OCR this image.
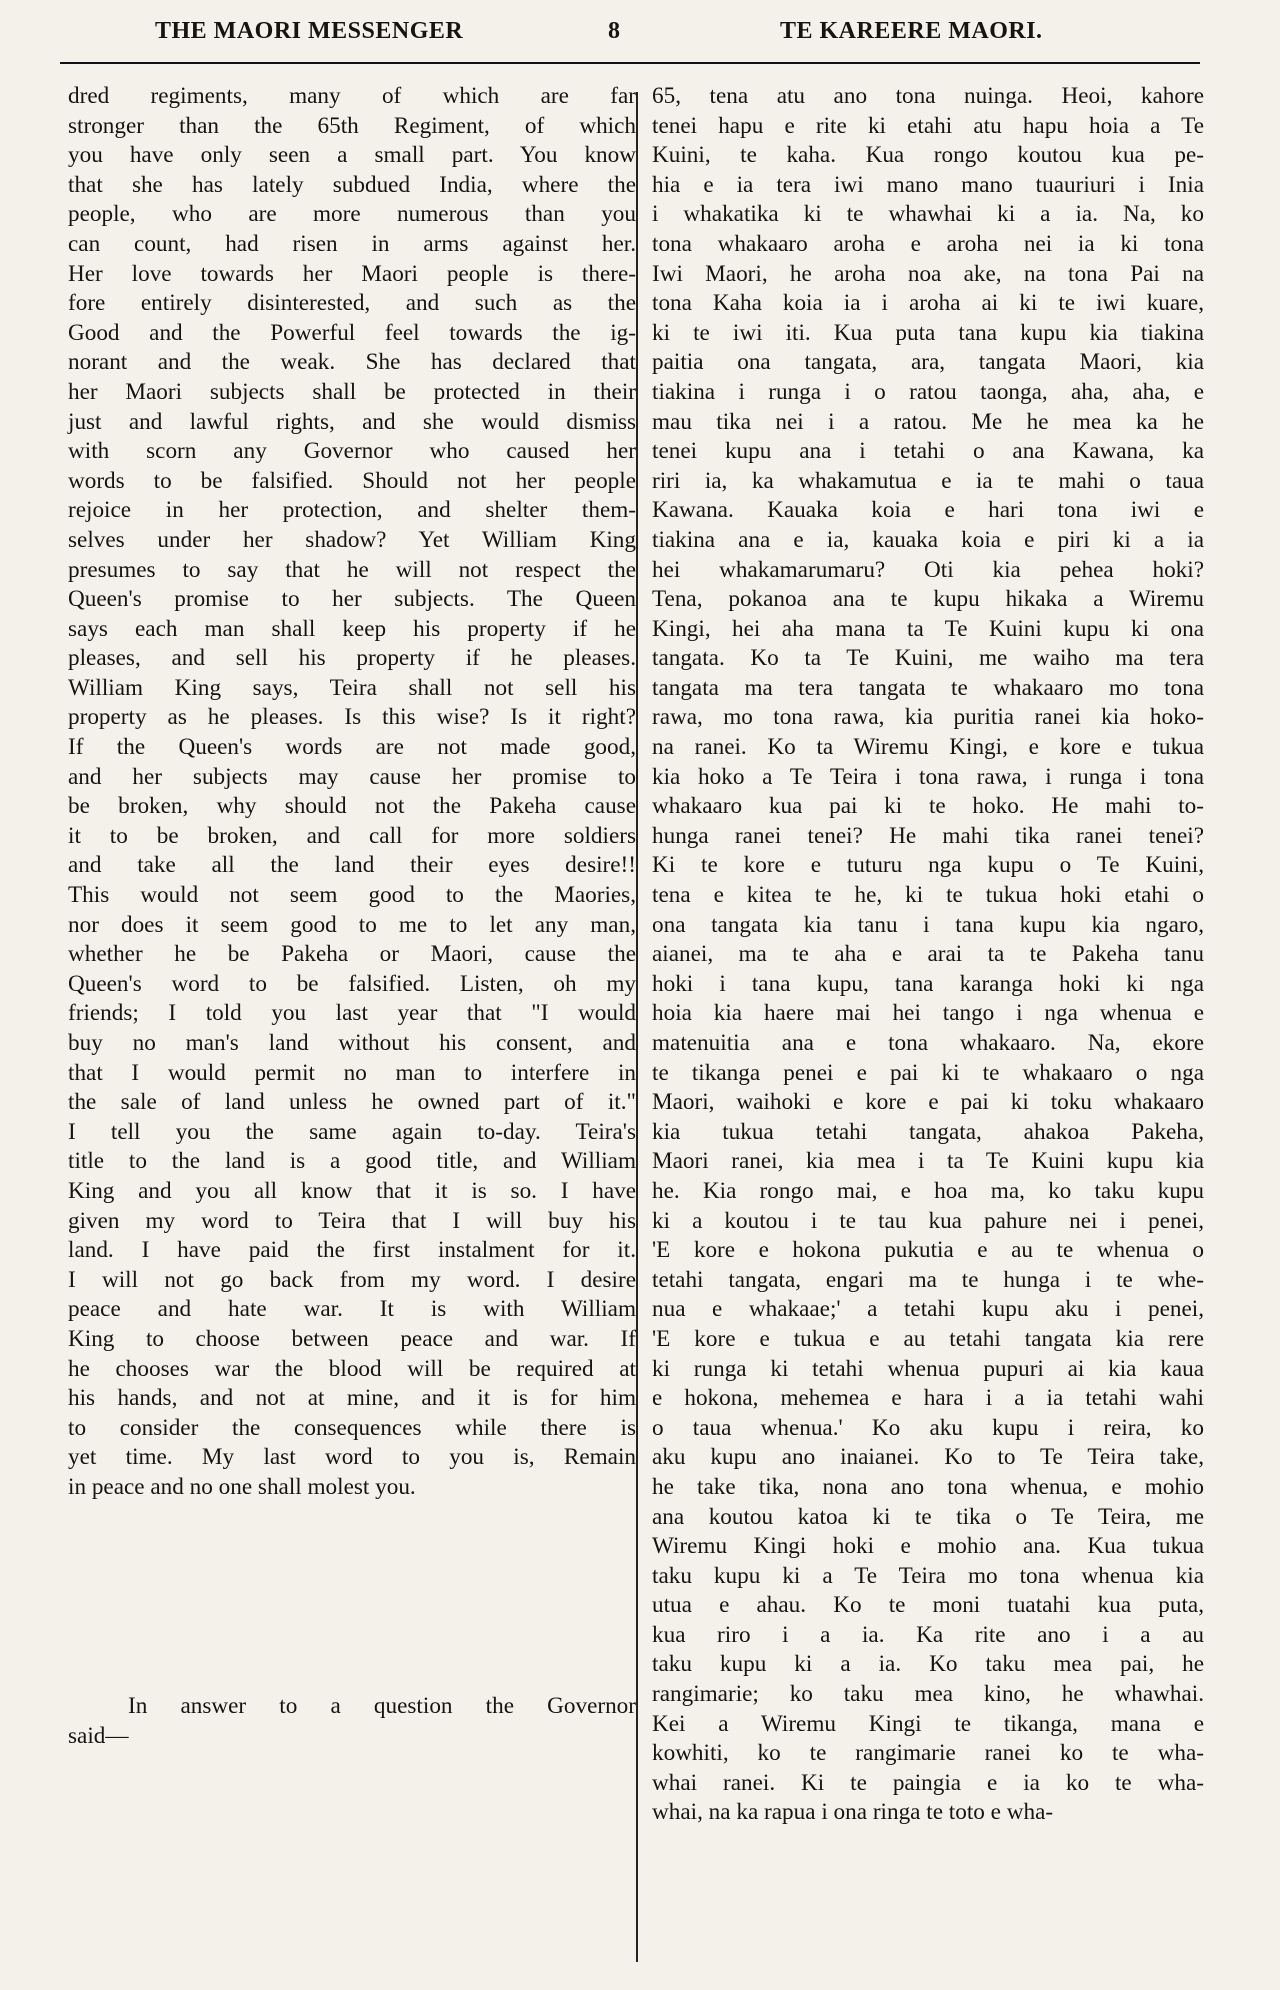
THE MAORI MESSENGER	8	TE KAREERE MAORI.
dred regiments, many of which are far
stronger than the 65th Regiment, of which
you have only seen a small part. You know
that she has lately subdued India, where the
people, who are more numerous than you
can count, had risen in arms against her.
Her love towards her Maori people is there-
fore entirely disinterested, and such as the
Good and the Powerful feel towards the ig-
norant and the weak. She has declared that
her Maori subjects shall be protected in their
just and lawful rights, and she would dismiss
with scorn any Governor who caused her
words to be falsified. Should not her people
rejoice in her protection, and shelter them-
selves under her shadow? Yet William King
presumes to say that he will not respect the
Queen's promise to her subjects. The Queen
says each man shall keep his property if he
pleases, and sell his property if he pleases.
William King says, Teira shall not sell his
property as he pleases. Is this wise? Is it right?
If the Queen's words are not made good,
and her subjects may cause her promise to
be broken, why should not the Pakeha cause
it to be broken, and call for more soldiers
and take all the land their eyes desire!!
This would not seem good to the Maories,
nor does it seem good to me to let any man,
whether he be Pakeha or Maori, cause the
Queen's word to be falsified. Listen, oh my
friends; I told you last year that "I would
buy no man's land without his consent, and
that I would permit no man to interfere in
the sale of land unless he owned part of it."
I tell you the same again to-day. Teira's
title to the land is a good title, and William
King and you all know that it is so. I have
given my word to Teira that I will buy his
land. I have paid the first instalment for it.
I will not go back from my word. I desire
peace and hate war. It is with William
King to choose between peace and war. If
he chooses war the blood will be required at
his hands, and not at mine, and it is for him
to consider the consequences while there is
yet time. My last word to you is, Remain
in peace and no one shall molest you.
In answer to a question the Governor
said—
65, tena atu ano tona nuinga. Heoi, kahore
tenei hapu e rite ki etahi atu hapu hoia a Te
Kuini, te kaha. Kua rongo koutou kua pe-
hia e ia tera iwi mano mano tuauriuri i Inia
i whakatika ki te whawhai ki a ia. Na, ko
tona whakaaro aroha e aroha nei ia ki tona
Iwi Maori, he aroha noa ake, na tona Pai na
tona Kaha koia ia i aroha ai ki te iwi kuare,
ki te iwi iti. Kua puta tana kupu kia tiakina
paitia ona tangata, ara, tangata Maori, kia
tiakina i runga i o ratou taonga, aha, aha, e
mau tika nei i a ratou. Me he mea ka he
tenei kupu ana i tetahi o ana Kawana, ka
riri ia, ka whakamutua e ia te mahi o taua
Kawana. Kauaka koia e hari tona iwi e
tiakina ana e ia, kauaka koia e piri ki a ia
hei whakamarumaru? Oti kia pehea hoki?
Tena, pokanoa ana te kupu hikaka a Wiremu
Kingi, hei aha mana ta Te Kuini kupu ki ona
tangata. Ko ta Te Kuini, me waiho ma tera
tangata ma tera tangata te whakaaro mo tona
rawa, mo tona rawa, kia puritia ranei kia hoko-
na ranei. Ko ta Wiremu Kingi, e kore e tukua
kia hoko a Te Teira i tona rawa, i runga i tona
whakaaro kua pai ki te hoko. He mahi to-
hunga ranei tenei? He mahi tika ranei tenei?
Ki te kore e tuturu nga kupu o Te Kuini,
tena e kitea te he, ki te tukua hoki etahi o
ona tangata kia tanu i tana kupu kia ngaro,
aianei, ma te aha e arai ta te Pakeha tanu
hoki i tana kupu, tana karanga hoki ki nga
hoia kia haere mai hei tango i nga whenua e
matenuitia ana e tona whakaaro. Na, ekore
te tikanga penei e pai ki te whakaaro o nga
Maori, waihoki e kore e pai ki toku whakaaro
kia tukua tetahi tangata, ahakoa Pakeha,
Maori ranei, kia mea i ta Te Kuini kupu kia
he. Kia rongo mai, e hoa ma, ko taku kupu
ki a koutou i te tau kua pahure nei i penei,
'E kore e hokona pukutia e au te whenua o
tetahi tangata, engari ma te hunga i te whe-
nua e whakaae;' a tetahi kupu aku i penei,
'E kore e tukua e au tetahi tangata kia rere
ki runga ki tetahi whenua pupuri ai kia kaua
e hokona, mehemea e hara i a ia tetahi wahi
o taua whenua.' Ko aku kupu i reira, ko
aku kupu ano inaianei. Ko to Te Teira take,
he take tika, nona ano tona whenua, e mohio
ana koutou katoa ki te tika o Te Teira, me
Wiremu Kingi hoki e mohio ana. Kua tukua
taku kupu ki a Te Teira mo tona whenua kia
utua e ahau. Ko te moni tuatahi kua puta,
kua riro i a ia. Ka rite ano i a au
taku kupu ki a ia. Ko taku mea pai, he
rangimarie; ko taku mea kino, he whawhai.
Kei a Wiremu Kingi te tikanga, mana e
kowhiti, ko te rangimarie ranei ko te wha-
whai ranei. Ki te paingia e ia ko te wha-
whai, na ka rapua i ona ringa te toto e wha-
